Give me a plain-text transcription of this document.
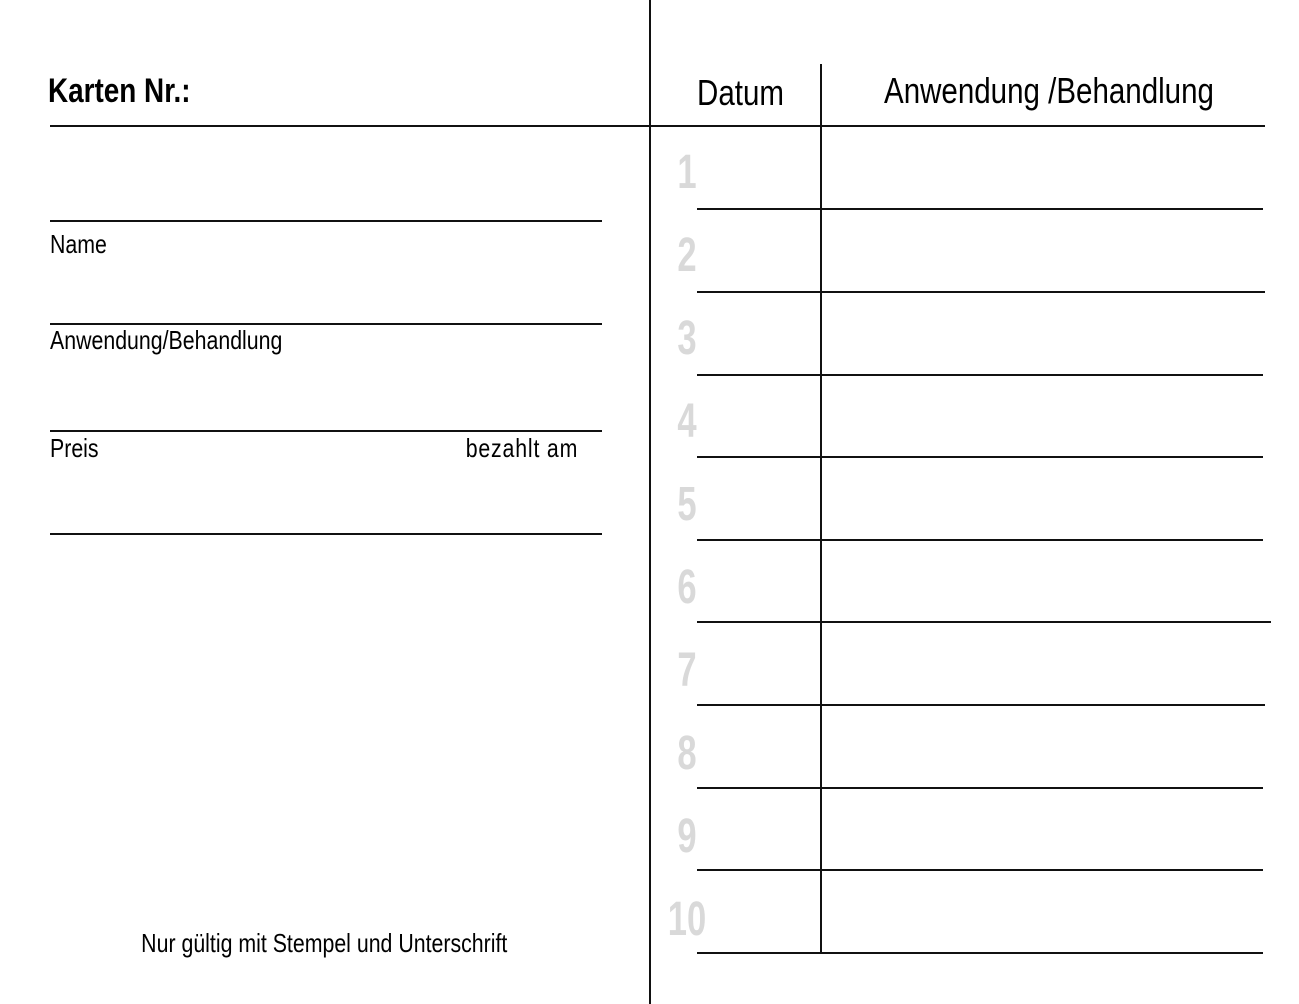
Karten Nr.:
Name
Anwendung/Behandlung
Preis	bezahlt am
Nur gültig mit Stempel und Unterschrift
Datum	Anwendung /Behandlung
1
2
3
4
5
6
7
8
9
10
